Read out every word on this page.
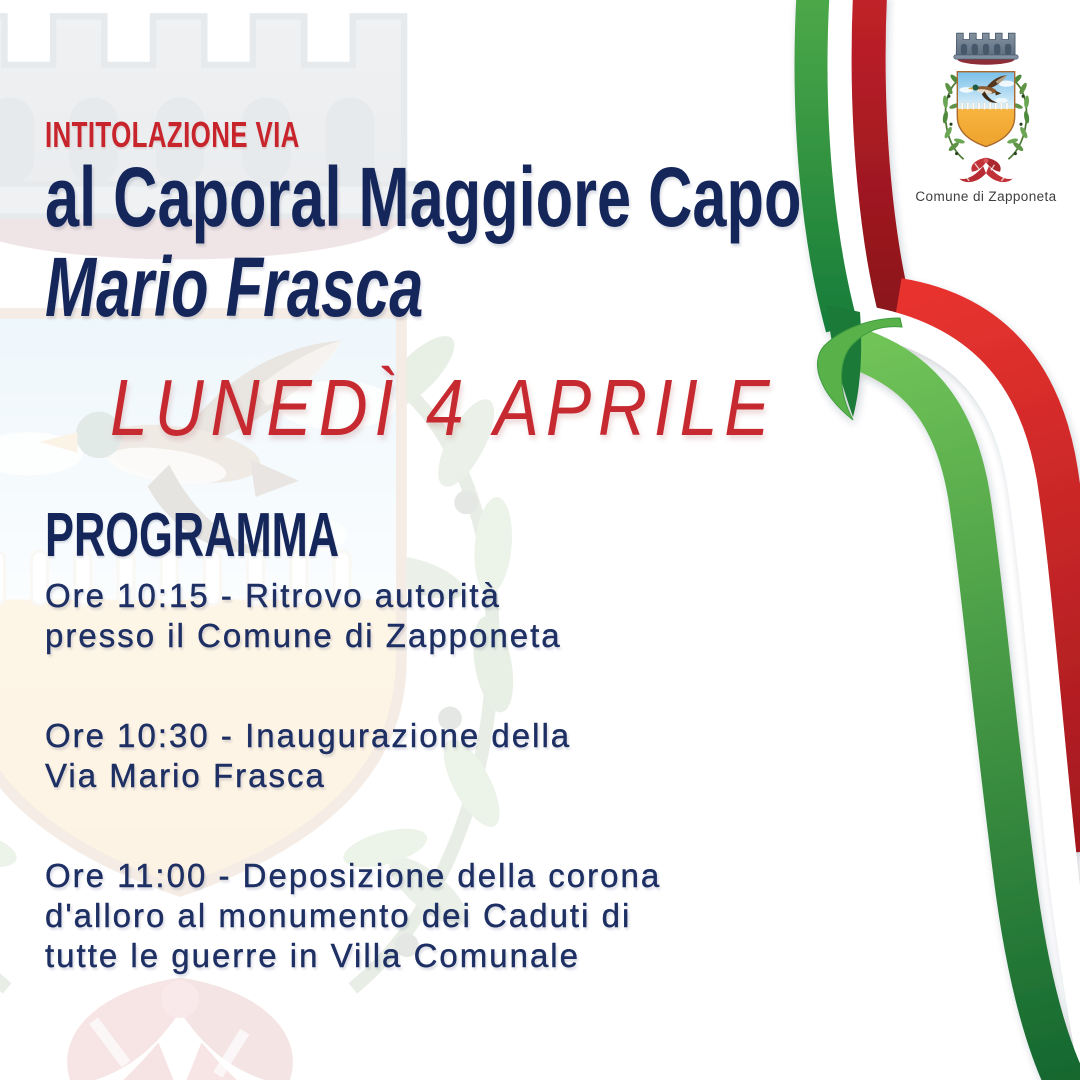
Comune di Zapponeta
INTITOLAZIONE VIA
al Caporal Maggiore Capo
Mario Frasca
LUNEDÌ 4 APRILE
PROGRAMMA
Ore 10:15 - Ritrovo autorità
presso il Comune di Zapponeta
Ore 10:30 - Inaugurazione della
Via Mario Frasca
Ore 11:00 - Deposizione della corona
d'alloro al monumento dei Caduti di
tutte le guerre in Villa Comunale
